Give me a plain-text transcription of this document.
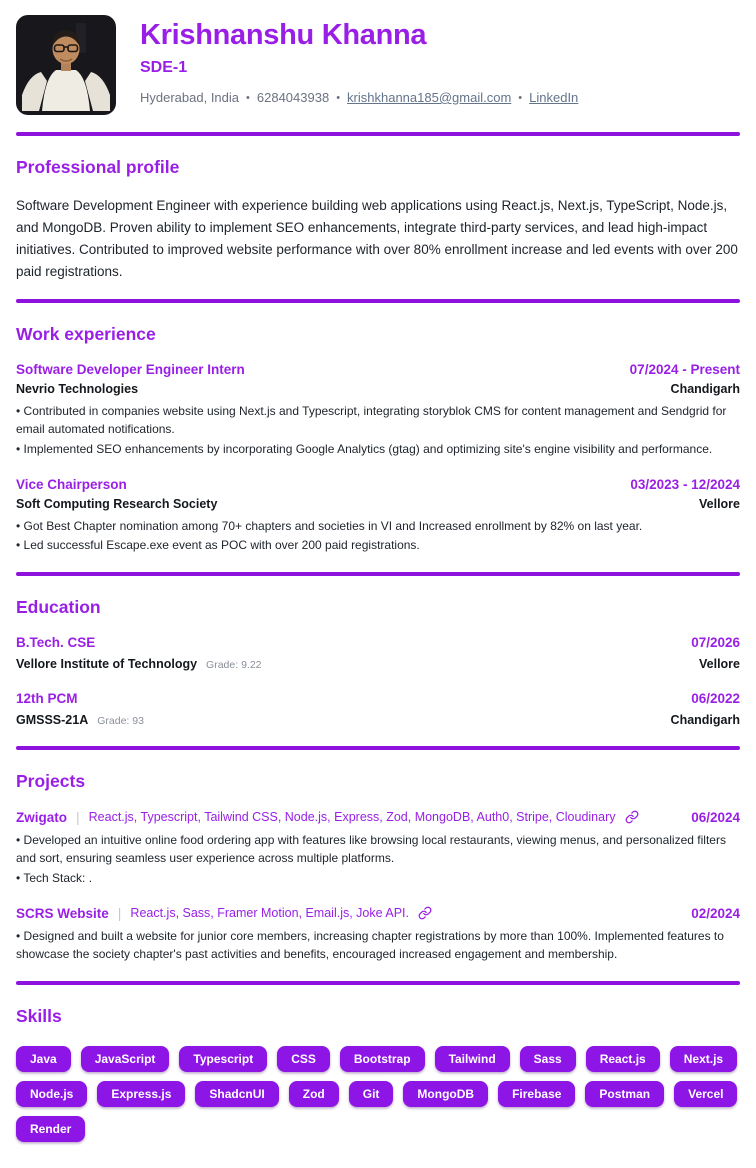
Krishnanshu Khanna
SDE-1
Hyderabad, India • 6284043938 • krishkhanna185@gmail.com • LinkedIn
Professional profile

Software Development Engineer with experience building web applications using React.js, Next.js, TypeScript, Node.js, and MongoDB. Proven ability to implement SEO enhancements, integrate third-party services, and lead high-impact initiatives. Contributed to improved website performance with over 80% enrollment increase and led events with over 200 paid registrations.

Work experience
Software Developer Engineer Intern	07/2024 - Present
Nevrio Technologies	Chandigarh
• Contributed in companies website using Next.js and Typescript, integrating storyblok CMS for content management and Sendgrid for email automated notifications.
• Implemented SEO enhancements by incorporating Google Analytics (gtag) and optimizing site's engine visibility and performance.
Vice Chairperson	03/2023 - 12/2024
Soft Computing Research Society	Vellore
• Got Best Chapter nomination among 70+ chapters and societies in VI and Increased enrollment by 82% on last year.
• Led successful Escape.exe event as POC with over 200 paid registrations.
Education
B.Tech. CSE	07/2026
Vellore Institute of Technology Grade: 9.22	Vellore
12th PCM	06/2022
GMSSS-21A Grade: 93	Chandigarh
Projects
Zwigato | React.js, Typescript, Tailwind CSS, Node.js, Express, Zod, MongoDB, Auth0, Stripe, Cloudinary	06/2024
• Developed an intuitive online food ordering app with features like browsing local restaurants, viewing menus, and personalized filters and sort, ensuring seamless user experience across multiple platforms.
• Tech Stack: .
SCRS Website | React.js, Sass, Framer Motion, Email.js, Joke API.	02/2024
• Designed and built a website for junior core members, increasing chapter registrations by more than 100%. Implemented features to showcase the society chapter's past activities and benefits, encouraged increased engagement and membership.
Skills
Java	JavaScript	Typescript	CSS	Bootstrap	Tailwind	Sass	React.js	Next.js
Node.js	Express.js	ShadcnUI	Zod	Git	MongoDB	Firebase	Postman	Vercel
Render
